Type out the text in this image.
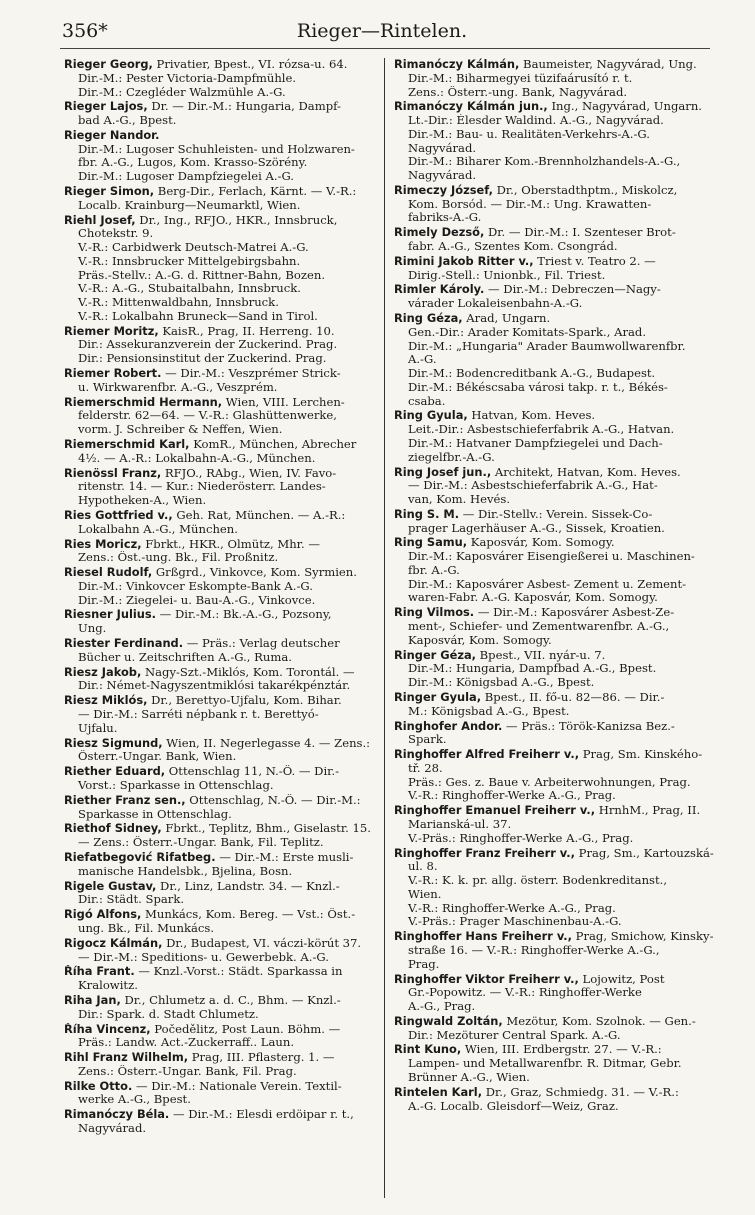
356*	Rieger—Rintelen.
Rieger Georg, Privatier, Bpest., VI. rózsa-u. 64.
Dir.-M.: Pester Victoria-Dampfmühle.
Dir.-M.: Czegléder Walzmühle A.-G.
Rieger Lajos, Dr. — Dir.-M.: Hungaria, Dampf-
bad A.-G., Bpest.
Rieger Nandor.
Dir.-M.: Lugoser Schuhleisten- und Holzwaren-
fbr. A.-G., Lugos, Kom. Krasso-Szörény.
Dir.-M.: Lugoser Dampfziegelei A.-G.
Rieger Simon, Berg-Dir., Ferlach, Kärnt. — V.-R.:
Localb. Krainburg—Neumarktl, Wien.
Riehl Josef, Dr., Ing., RFJO., HKR., Innsbruck,
Chotekstr. 9.
V.-R.: Carbidwerk Deutsch-Matrei A.-G.
V.-R.: Innsbrucker Mittelgebirgsbahn.
Präs.-Stellv.: A.-G. d. Rittner-Bahn, Bozen.
V.-R.: A.-G., Stubaitalbahn, Innsbruck.
V.-R.: Mittenwaldbahn, Innsbruck.
V.-R.: Lokalbahn Bruneck—Sand in Tirol.
Riemer Moritz, KaisR., Prag, II. Herreng. 10.
Dir.: Assekuranzverein der Zuckerind. Prag.
Dir.: Pensionsinstitut der Zuckerind. Prag.
Riemer Robert. — Dir.-M.: Veszprémer Strick-
u. Wirkwarenfbr. A.-G., Veszprém.
Riemerschmid Hermann, Wien, VIII. Lerchen-
felderstr. 62—64. — V.-R.: Glashüttenwerke,
vorm. J. Schreiber & Neffen, Wien.
Riemerschmid Karl, KomR., München, Abrecher
4½. — A.-R.: Lokalbahn-A.-G., München.
Rienössl Franz, RFJO., RAbg., Wien, IV. Favo-
ritenstr. 14. — Kur.: Niederösterr. Landes-
Hypotheken-A., Wien.
Ries Gottfried v., Geh. Rat, München. — A.-R.:
Lokalbahn A.-G., München.
Ries Moricz, Fbrkt., HKR., Olmütz, Mhr. —
Zens.: Öst.-ung. Bk., Fil. Proßnitz.
Riesel Rudolf, Grßgrd., Vinkovce, Kom. Syrmien.
Dir.-M.: Vinkovcer Eskompte-Bank A.-G.
Dir.-M.: Ziegelei- u. Bau-A.-G., Vinkovce.
Riesner Julius. — Dir.-M.: Bk.-A.-G., Pozsony,
Ung.
Riester Ferdinand. — Präs.: Verlag deutscher
Bücher u. Zeitschriften A.-G., Ruma.
Riesz Jakob, Nagy-Szt.-Miklós, Kom. Torontál. —
Dir.: Német-Nagyszentmiklósi takarékpénztár.
Riesz Miklós, Dr., Berettyo-Ujfalu, Kom. Bihar.
— Dir.-M.: Sarréti népbank r. t. Berettyó-
Ujfalu.
Riesz Sigmund, Wien, II. Negerlegasse 4. — Zens.:
Österr.-Ungar. Bank, Wien.
Riether Eduard, Ottenschlag 11, N.-Ö. — Dir.-
Vorst.: Sparkasse in Ottenschlag.
Riether Franz sen., Ottenschlag, N.-Ö. — Dir.-M.:
Sparkasse in Ottenschlag.
Riethof Sidney, Fbrkt., Teplitz, Bhm., Giselastr. 15.
— Zens.: Österr.-Ungar. Bank, Fil. Teplitz.
Riefatbegović Rifatbeg. — Dir.-M.: Erste musli-
manische Handelsbk., Bjelina, Bosn.
Rigele Gustav, Dr., Linz, Landstr. 34. — Knzl.-
Dir.: Städt. Spark.
Rigó Alfons, Munkács, Kom. Bereg. — Vst.: Öst.-
ung. Bk., Fil. Munkács.
Rigocz Kálmán, Dr., Budapest, VI. váczi-körút 37.
— Dir.-M.: Speditions- u. Gewerbebk. A.-G.
Říha Frant. — Knzl.-Vorst.: Städt. Sparkassa in
Kralowitz.
Riha Jan, Dr., Chlumetz a. d. C., Bhm. — Knzl.-
Dir.: Spark. d. Stadt Chlumetz.
Říha Vincenz, Počedělitz, Post Laun. Böhm. —
Präs.: Landw. Act.-Zuckerraff.. Laun.
Rihl Franz Wilhelm, Prag, III. Pflasterg. 1. —
Zens.: Österr.-Ungar. Bank, Fil. Prag.
Rilke Otto. — Dir.-M.: Nationale Verein. Textil-
werke A.-G., Bpest.
Rimanóczy Béla. — Dir.-M.: Elesdi erdöipar r. t.,
Nagyvárad.
Rimanóczy Kálmán, Baumeister, Nagyvárad, Ung.
Dir.-M.: Biharmegyei tüzifaárusító r. t.
Zens.: Österr.-ung. Bank, Nagyvárad.
Rimanóczy Kálmán jun., Ing., Nagyvárad, Ungarn.
Lt.-Dir.: Élesder Waldind. A.-G., Nagyvárad.
Dir.-M.: Bau- u. Realitäten-Verkehrs-A.-G.
Nagyvárad.
Dir.-M.: Biharer Kom.-Brennholzhandels-A.-G.,
Nagyvárad.
Rimeczy József, Dr., Oberstadthptm., Miskolcz,
Kom. Borsód. — Dir.-M.: Ung. Krawatten-
fabriks-A.-G.
Rimely Dezső, Dr. — Dir.-M.: I. Szenteser Brot-
fabr. A.-G., Szentes Kom. Csongrád.
Rimini Jakob Ritter v., Triest v. Teatro 2. —
Dirig.-Stell.: Unionbk., Fil. Triest.
Rimler Károly. — Dir.-M.: Debreczen—Nagy-
várader Lokaleisenbahn-A.-G.
Ring Géza, Arad, Ungarn.
Gen.-Dir.: Arader Komitats-Spark., Arad.
Dir.-M.: „Hungaria" Arader Baumwollwarenfbr.
A.-G.
Dir.-M.: Bodencreditbank A.-G., Budapest.
Dir.-M.: Békéscsaba városi takp. r. t., Békés-
csaba.
Ring Gyula, Hatvan, Kom. Heves.
Leit.-Dir.: Asbestschieferfabrik A.-G., Hatvan.
Dir.-M.: Hatvaner Dampfziegelei und Dach-
ziegelfbr.-A.-G.
Ring Josef jun., Architekt, Hatvan, Kom. Heves.
— Dir.-M.: Asbestschieferfabrik A.-G., Hat-
van, Kom. Hevés.
Ring S. M. — Dir.-Stellv.: Verein. Sissek-Co-
prager Lagerhäuser A.-G., Sissek, Kroatien.
Ring Samu, Kaposvár, Kom. Somogy.
Dir.-M.: Kaposvárer Eisengießerei u. Maschinen-
fbr. A.-G.
Dir.-M.: Kaposvárer Asbest- Zement u. Zement-
waren-Fabr. A.-G. Kaposvár, Kom. Somogy.
Ring Vilmos. — Dir.-M.: Kaposvárer Asbest-Ze-
ment-, Schiefer- und Zementwarenfbr. A.-G.,
Kaposvár, Kom. Somogy.
Ringer Géza, Bpest., VII. nyár-u. 7.
Dir.-M.: Hungaria, Dampfbad A.-G., Bpest.
Dir.-M.: Königsbad A.-G., Bpest.
Ringer Gyula, Bpest., II. fő-u. 82—86. — Dir.-
M.: Königsbad A.-G., Bpest.
Ringhofer Andor. — Präs.: Török-Kanizsa Bez.-
Spark.
Ringhoffer Alfred Freiherr v., Prag, Sm. Kinského-
tř. 28.
Präs.: Ges. z. Baue v. Arbeiterwohnungen, Prag.
V.-R.: Ringhoffer-Werke A.-G., Prag.
Ringhoffer Emanuel Freiherr v., HrnhM., Prag, II.
Marianská-ul. 37.
V.-Präs.: Ringhoffer-Werke A.-G., Prag.
Ringhoffer Franz Freiherr v., Prag, Sm., Kartouzská-
ul. 8.
V.-R.: K. k. pr. allg. österr. Bodenkreditanst.,
Wien.
V.-R.: Ringhoffer-Werke A.-G., Prag.
V.-Präs.: Prager Maschinenbau-A.-G.
Ringhoffer Hans Freiherr v., Prag, Smichow, Kinsky-
straße 16. — V.-R.: Ringhoffer-Werke A.-G.,
Prag.
Ringhoffer Viktor Freiherr v., Lojowitz, Post
Gr.-Popowitz. — V.-R.: Ringhoffer-Werke
A.-G., Prag.
Ringwald Zoltán, Mezötur, Kom. Szolnok. — Gen.-
Dir.: Mezöturer Central Spark. A.-G.
Rint Kuno, Wien, III. Erdbergstr. 27. — V.-R.:
Lampen- und Metallwarenfbr. R. Ditmar, Gebr.
Brünner A.-G., Wien.
Rintelen Karl, Dr., Graz, Schmiedg. 31. — V.-R.:
A.-G. Localb. Gleisdorf—Weiz, Graz.
